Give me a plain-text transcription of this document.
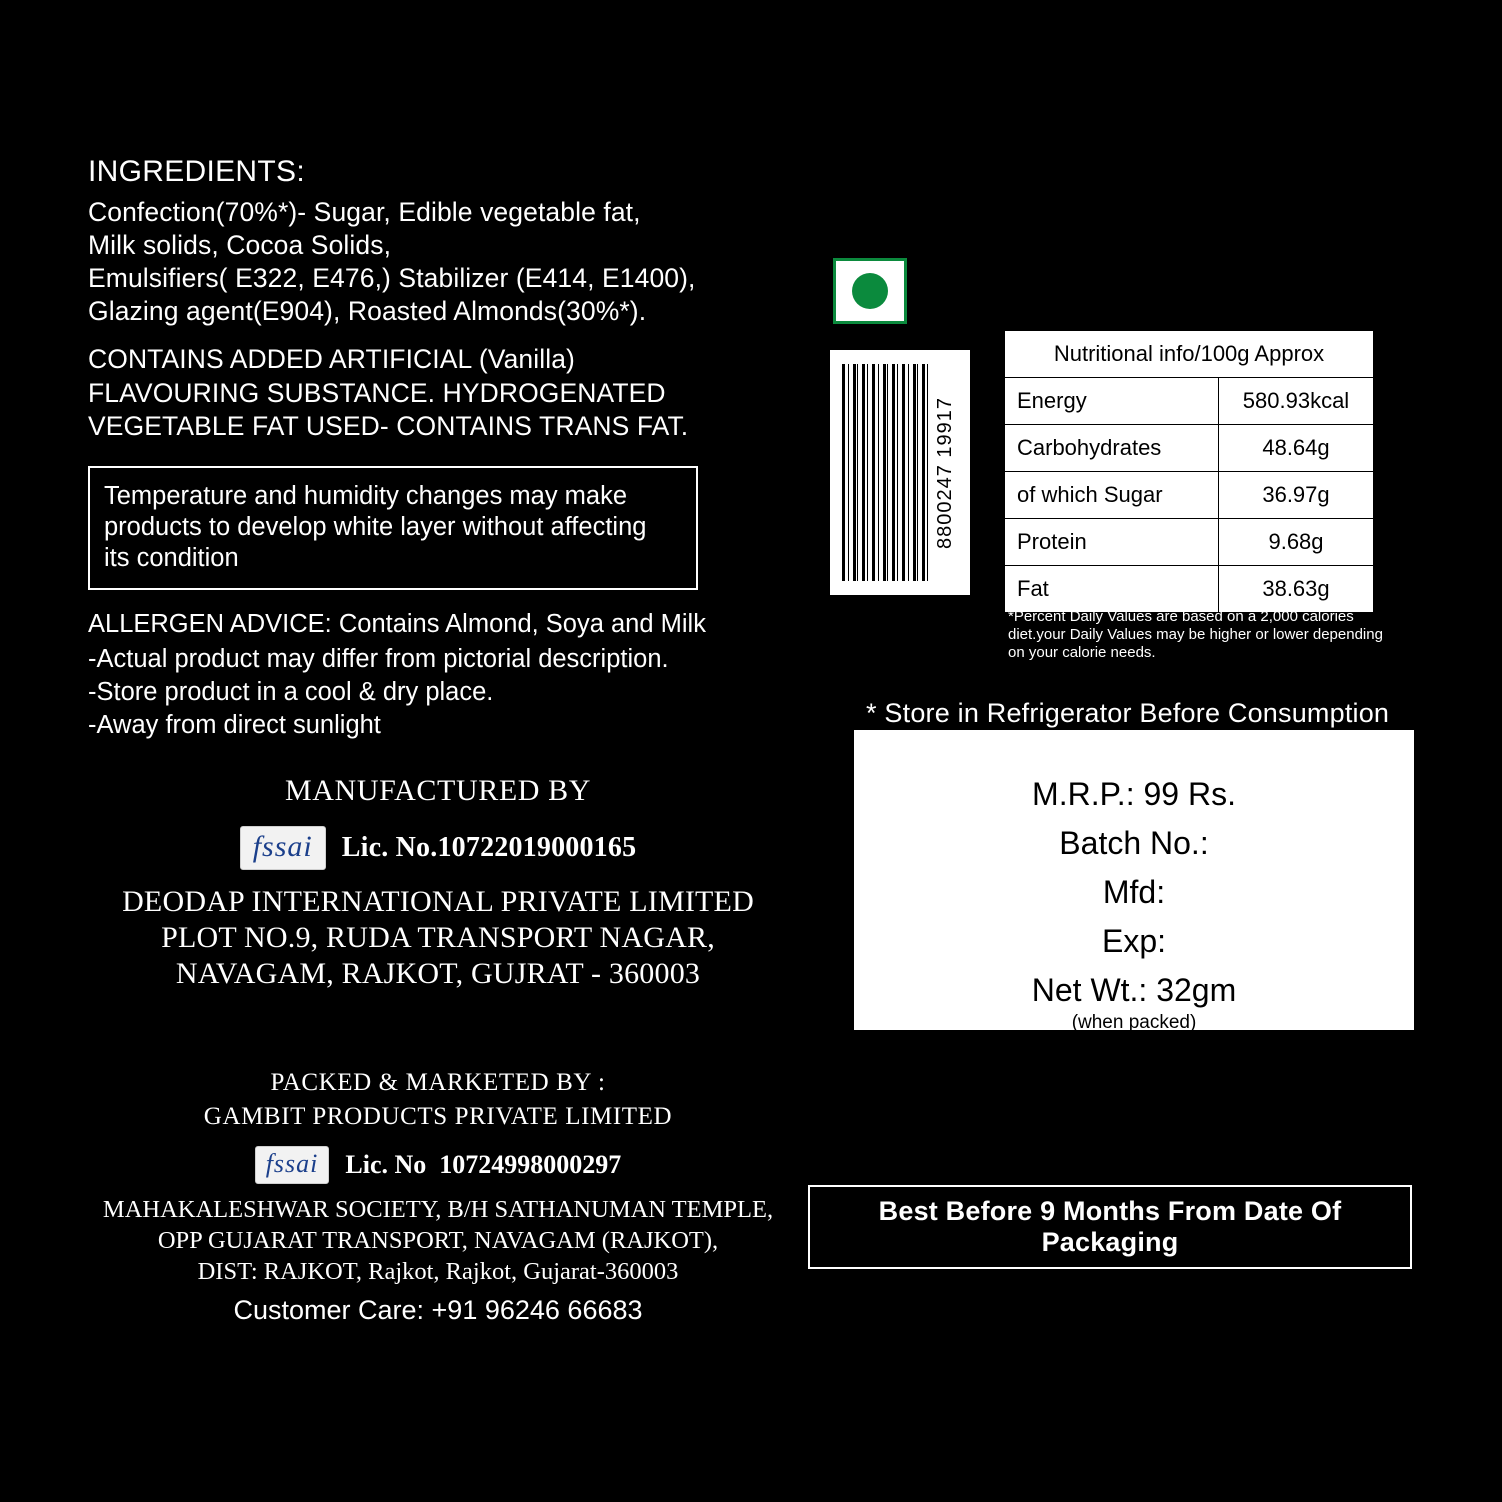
INGREDIENTS:
Confection(70%*)- Sugar, Edible vegetable fat,
Milk solids, Cocoa Solids,
Emulsifiers( E322, E476,) Stabilizer (E414, E1400),
Glazing agent(E904), Roasted Almonds(30%*).
CONTAINS ADDED ARTIFICIAL (Vanilla)
FLAVOURING SUBSTANCE. HYDROGENATED
VEGETABLE FAT USED- CONTAINS TRANS FAT.
Temperature and humidity changes may make
products to develop white layer without affecting
its condition
ALLERGEN ADVICE: Contains Almond, Soya and Milk
-Actual product may differ from pictorial description.
-Store product in a cool & dry place.
-Away from direct sunlight
MANUFACTURED BY
fssai	Lic. No.10722019000165
DEODAP INTERNATIONAL PRIVATE LIMITED
PLOT NO.9, RUDA TRANSPORT NAGAR,
NAVAGAM, RAJKOT, GUJRAT - 360003
PACKED & MARKETED BY :
GAMBIT PRODUCTS PRIVATE LIMITED
fssai	Lic. No 10724998000297
MAHAKALESHWAR SOCIETY, B/H SATHANUMAN TEMPLE,
OPP GUJARAT TRANSPORT, NAVAGAM (RAJKOT),
DIST: RAJKOT, Rajkot, Rajkot, Gujarat-360003
Customer Care: +91 96246 66683
8800247 19917
Nutritional info/100g Approx	
Energy	580.93kcal
Carbohydrates	48.64g
of which Sugar	36.97g
Protein	9.68g
Fat	38.63g
*Percent Daily Values are based on a 2,000 calories
diet.your Daily Values may be higher or lower depending
on your calorie needs.
* Store in Refrigerator Before Consumption
M.R.P.: 99 Rs.
Batch No.:
Mfd:
Exp:
Net Wt.: 32gm
(when packed)
Best Before 9 Months From Date Of Packaging
